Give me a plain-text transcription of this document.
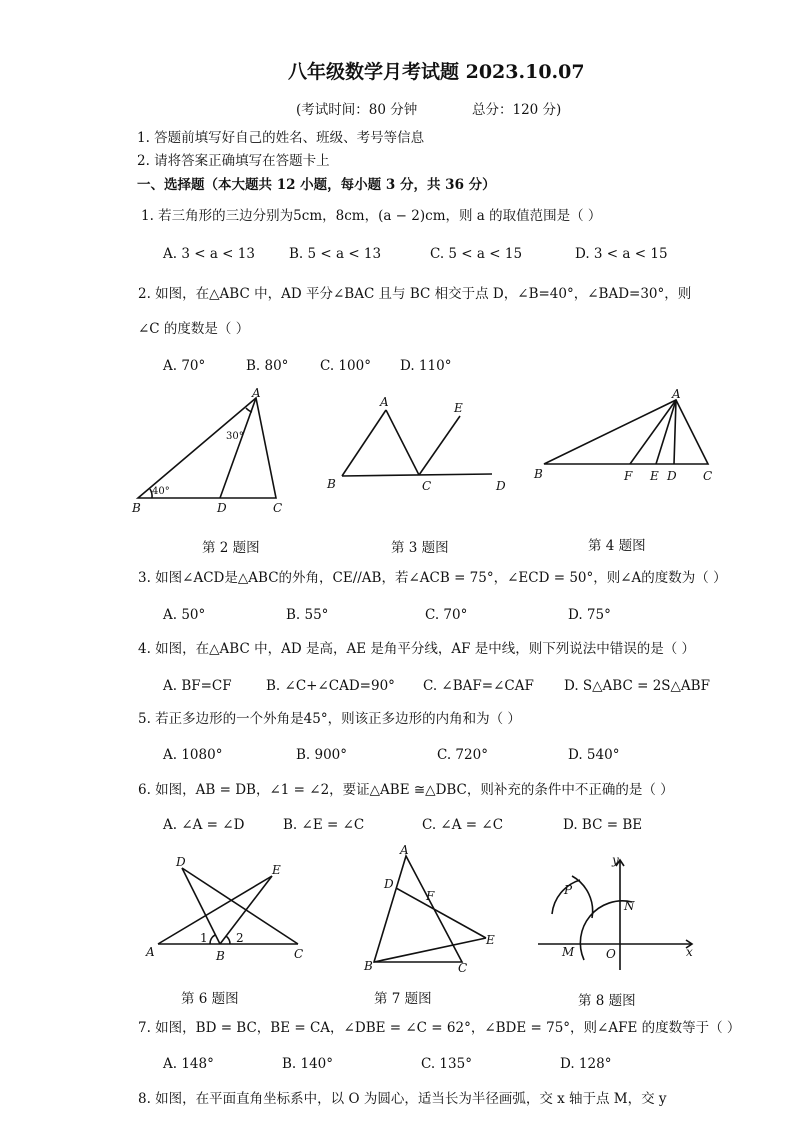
八年级数学月考试题 2023.10.07
(考试时间：80 分钟	总分：120 分)
1. 答题前填写好自己的姓名、班级、考号等信息
2. 请将答案正确填写在答题卡上
一、选择题（本大题共 12 小题，每小题 3 分，共 36 分）
1. 若三角形的三边分别为5cm，8cm，(a − 2)cm，则 a 的取值范围是（ ）
A. 3 < a < 13	B. 5 < a < 13	C. 5 < a < 15	D. 3 < a < 15
2. 如图，在△ABC 中，AD 平分∠BAC 且与 BC 相交于点 D，∠B=40°，∠BAD=30°，则
∠C 的度数是（ ）
A. 70°	B. 80° C. 100° D. 110°
A
B	C
D
30°
40°
第 2 题图
A
B	C	D
E
第 3 题图
A
B	F E D C
第 4 题图
3. 如图∠ACD是△ABC的外角，CE//AB，若∠ACB = 75°，∠ECD = 50°，则∠A的度数为（ ）
A. 50°	B. 55°	C. 70°	D. 75°
4. 如图，在△ABC 中，AD 是高，AE 是角平分线，AF 是中线，则下列说法中错误的是（ ）
A. BF=CF	B. ∠C+∠CAD=90° C. ∠BAF=∠CAF D. S△ABC = 2S△ABF
5. 若正多边形的一个外角是45°，则该正多边形的内角和为（ ）
A. 1080°	B. 900°	C. 720°	D. 540°
6. 如图，AB = DB，∠1 = ∠2，要证△ABE ≅△DBC，则补充的条件中不正确的是（ ）
A. ∠A = ∠D	B. ∠E = ∠C	C. ∠A = ∠C	D. BC = BE
D
E
A	B	C
1 2
第 6 题图
A
D
F
E
B	C
第 7 题图
y
P
N
M	O	x
第 8 题图
7. 如图，BD = BC，BE = CA，∠DBE = ∠C = 62°，∠BDE = 75°，则∠AFE 的度数等于（ ）
A. 148°	B. 140°	C. 135°	D. 128°
8. 如图，在平面直角坐标系中，以 O 为圆心，适当长为半径画弧，交 x 轴于点 M，交 y
